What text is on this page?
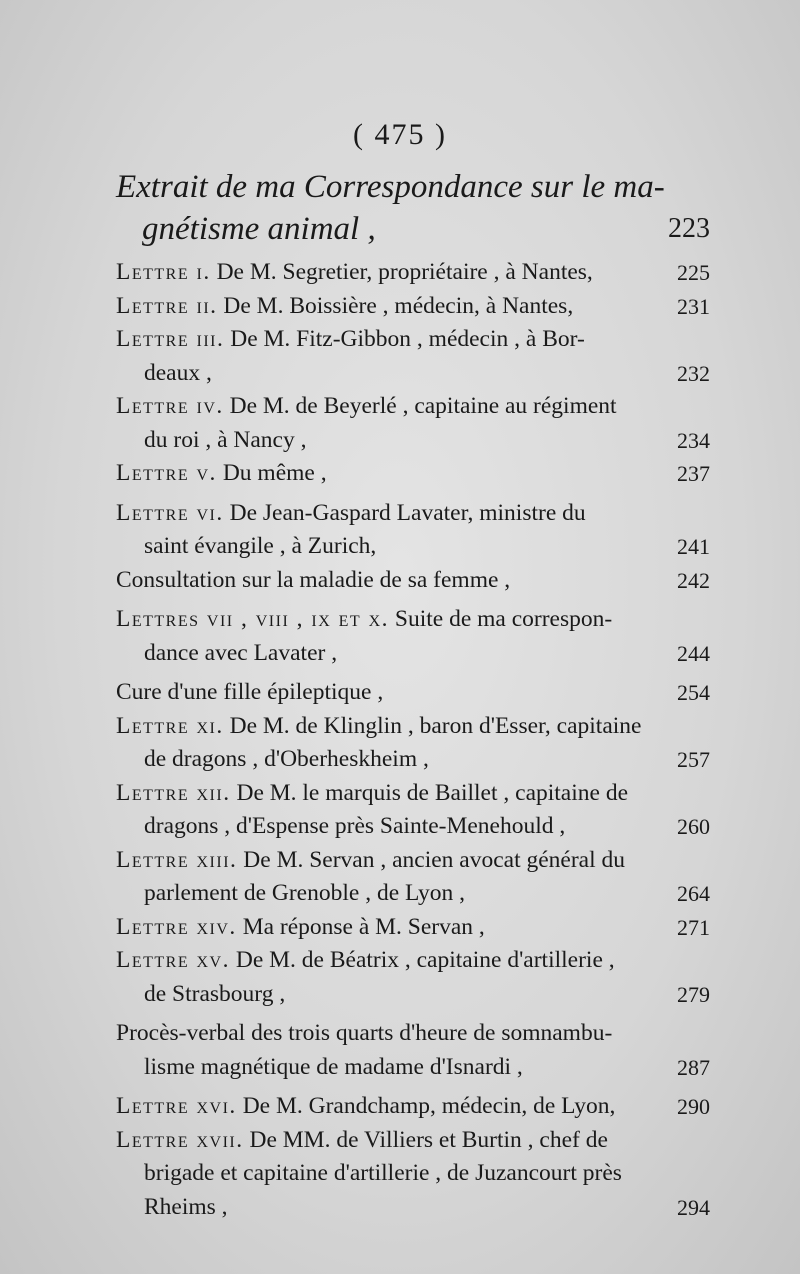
( 475 )
Extrait de ma Correspondance sur le ma-
gnétisme animal ,	223
Lettre i. De M. Segretier, propriétaire , à Nantes,	225
Lettre ii. De M. Boissière , médecin, à Nantes,	231
Lettre iii. De M. Fitz-Gibbon , médecin , à Bor-
deaux ,	232
Lettre iv. De M. de Beyerlé , capitaine au régiment
du roi , à Nancy ,	234
Lettre v. Du même ,	237
Lettre vi. De Jean-Gaspard Lavater, ministre du
saint évangile , à Zurich,	241
Consultation sur la maladie de sa femme ,	242
Lettres vii , viii , ix et x. Suite de ma correspon-
dance avec Lavater ,	244
Cure d'une fille épileptique ,	254
Lettre xi. De M. de Klinglin , baron d'Esser, capitaine
de dragons , d'Oberheskheim ,	257
Lettre xii. De M. le marquis de Baillet , capitaine de
dragons , d'Espense près Sainte-Menehould ,	260
Lettre xiii. De M. Servan , ancien avocat général du
parlement de Grenoble , de Lyon ,	264
Lettre xiv. Ma réponse à M. Servan ,	271
Lettre xv. De M. de Béatrix , capitaine d'artillerie ,
de Strasbourg ,	279
Procès-verbal des trois quarts d'heure de somnambu-
lisme magnétique de madame d'Isnardi ,	287
Lettre xvi. De M. Grandchamp, médecin, de Lyon,	290
Lettre xvii. De MM. de Villiers et Burtin , chef de
brigade et capitaine d'artillerie , de Juzancourt près
Rheims ,	294
